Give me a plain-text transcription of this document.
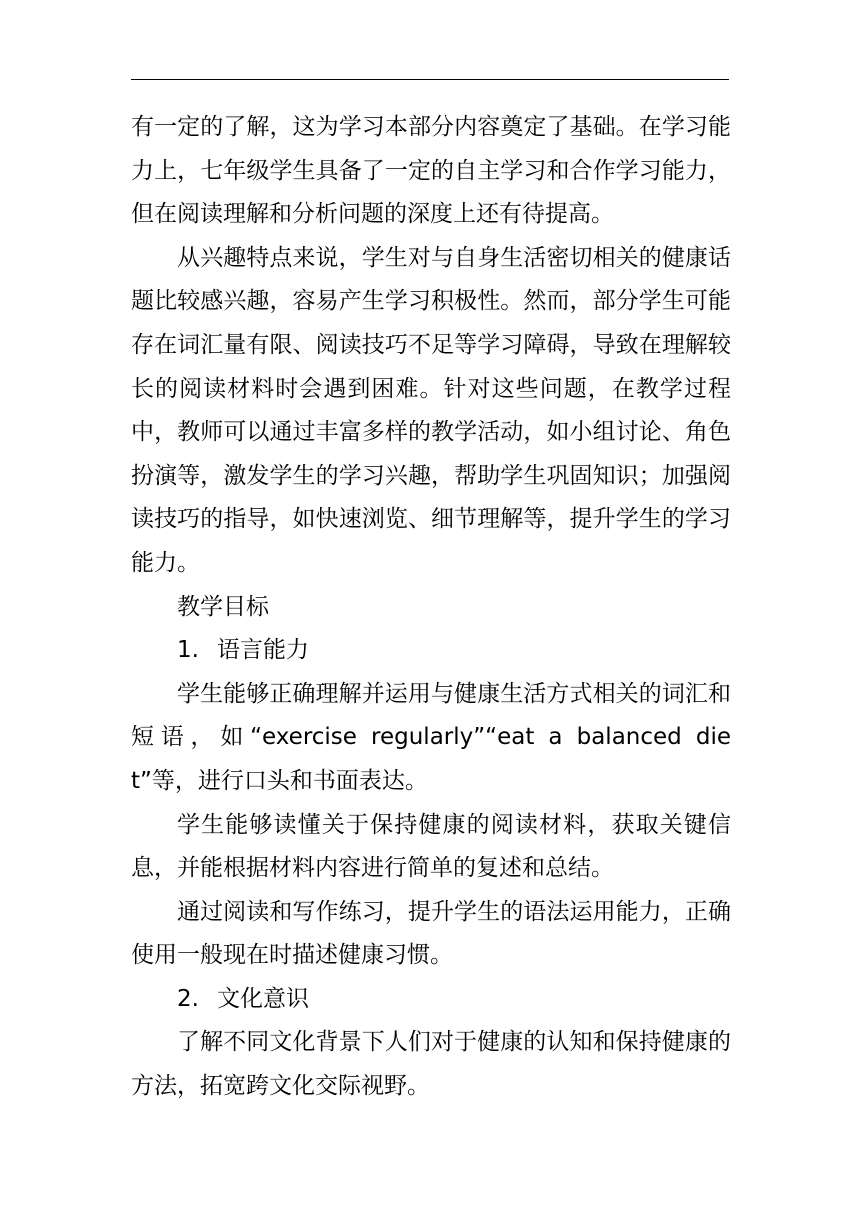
有一定的了解，这为学习本部分内容奠定了基础。在学习能力上，七年级学生具备了一定的自主学习和合作学习能力，但在阅读理解和分析问题的深度上还有待提高。

从兴趣特点来说，学生对与自身生活密切相关的健康话题比较感兴趣，容易产生学习积极性。然而，部分学生可能存在词汇量有限、阅读技巧不足等学习障碍，导致在理解较长的阅读材料时会遇到困难。针对这些问题，在教学过程中，教师可以通过丰富多样的教学活动，如小组讨论、角色扮演等，激发学生的学习兴趣，帮助学生巩固知识；加强阅读技巧的指导，如快速浏览、细节理解等，提升学生的学习能力。

教学目标

1. 语言能力

学生能够正确理解并运用与健康生活方式相关的词汇和短语，如“exercise regularly”“eat a balanced diet”等，进行口头和书面表达。

学生能够读懂关于保持健康的阅读材料，获取关键信息，并能根据材料内容进行简单的复述和总结。

通过阅读和写作练习，提升学生的语法运用能力，正确使用一般现在时描述健康习惯。

2. 文化意识

了解不同文化背景下人们对于健康的认知和保持健康的方法，拓宽跨文化交际视野。
